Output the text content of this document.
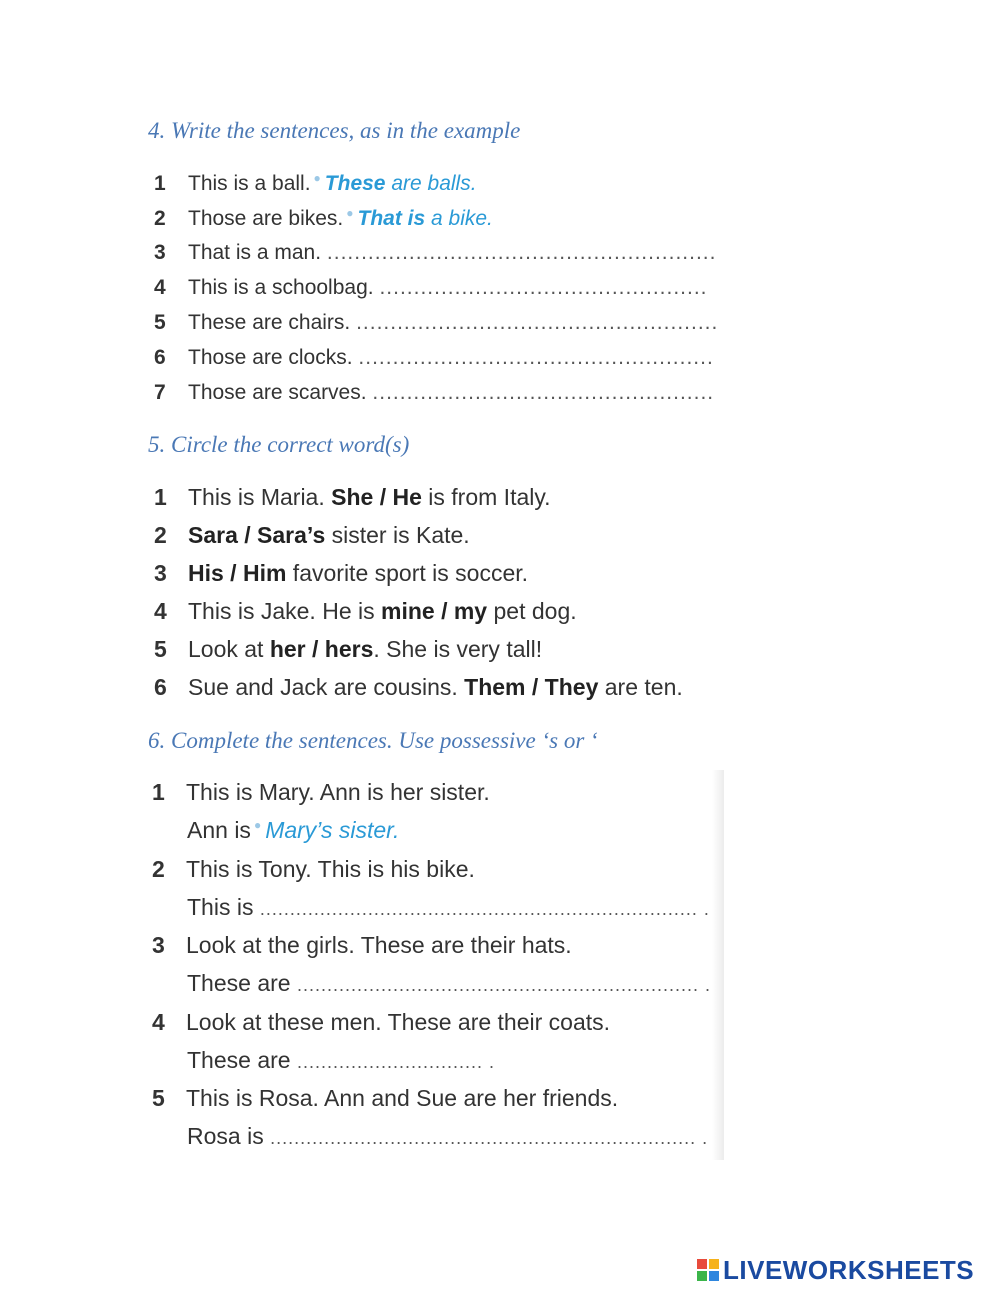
4. Write the sentences, as in the example
1 This is a ball. ● These are balls.
2 Those are bikes. ● That is a bike.
3 That is a man. .........................................................
4 This is a schoolbag. ................................................
5 These are chairs. .....................................................
6 Those are clocks. ....................................................
7 Those are scarves. ..................................................
5. Circle the correct word(s)
1 This is Maria. She / He is from Italy.
2 Sara / Sara’s sister is Kate.
3 His / Him favorite sport is soccer.
4 This is Jake. He is mine / my pet dog.
5 Look at her / hers. She is very tall!
6 Sue and Jack are cousins. Them / They are ten.
6. Complete the sentences. Use possessive ‘s or ‘
1 This is Mary. Ann is her sister.
Ann is ● Mary’s sister.
2 This is Tony. This is his bike.
This is ......................................................................... .
3 Look at the girls. These are their hats.
These are ................................................................... .
4 Look at these men. These are their coats.
These are ............................... .
5 This is Rosa. Ann and Sue are her friends.
Rosa is ....................................................................... .
LIVEWORKSHEETS
